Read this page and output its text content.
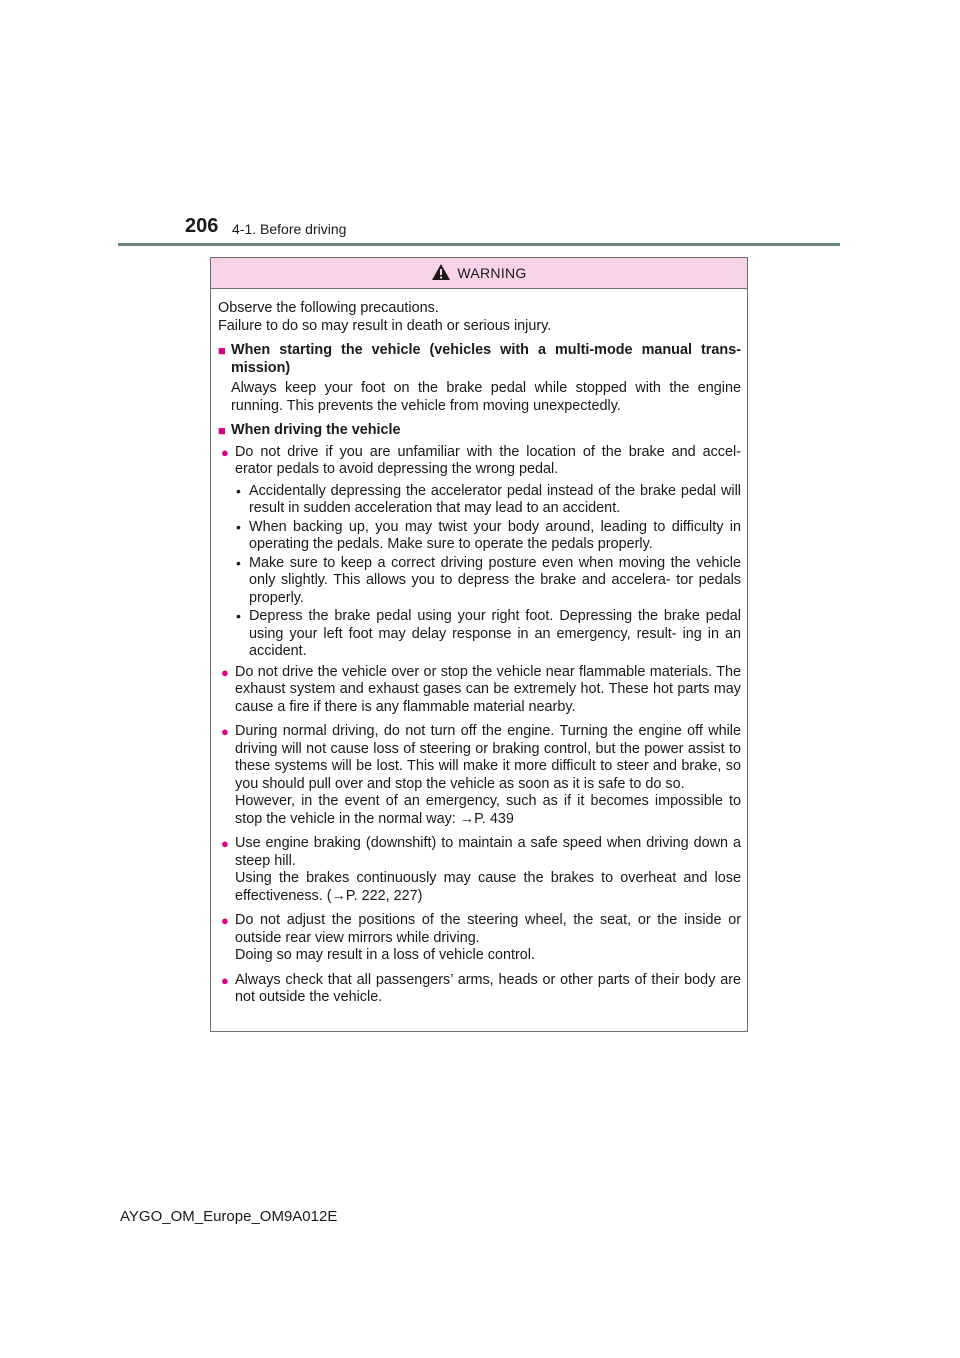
206 4-1. Before driving
WARNING

Observe the following precautions.

Failure to do so may result in death or serious injury.

■ When starting the vehicle (vehicles with a multi-mode manual trans- mission)

Always keep your foot on the brake pedal while stopped with the engine running. This prevents the vehicle from moving unexpectedly.

■ When driving the vehicle

● Do not drive if you are unfamiliar with the location of the brake and accel- erator pedals to avoid depressing the wrong pedal.

• Accidentally depressing the accelerator pedal instead of the brake pedal will result in sudden acceleration that may lead to an accident.

• When backing up, you may twist your body around, leading to difficulty in operating the pedals. Make sure to operate the pedals properly.

• Make sure to keep a correct driving posture even when moving the vehicle only slightly. This allows you to depress the brake and accelera- tor pedals properly.

• Depress the brake pedal using your right foot. Depressing the brake pedal using your left foot may delay response in an emergency, result- ing in an accident.

● Do not drive the vehicle over or stop the vehicle near flammable materials. The exhaust system and exhaust gases can be extremely hot. These hot parts may cause a fire if there is any flammable material nearby.

● During normal driving, do not turn off the engine. Turning the engine off while driving will not cause loss of steering or braking control, but the power assist to these systems will be lost. This will make it more difficult to steer and brake, so you should pull over and stop the vehicle as soon as it is safe to do so.

However, in the event of an emergency, such as if it becomes impossible to stop the vehicle in the normal way: →P. 439

● Use engine braking (downshift) to maintain a safe speed when driving down a steep hill.

Using the brakes continuously may cause the brakes to overheat and lose effectiveness. (→P. 222, 227)

● Do not adjust the positions of the steering wheel, the seat, or the inside or outside rear view mirrors while driving.

Doing so may result in a loss of vehicle control.

● Always check that all passengers’ arms, heads or other parts of their body are not outside the vehicle.

AYGO_OM_Europe_OM9A012E
